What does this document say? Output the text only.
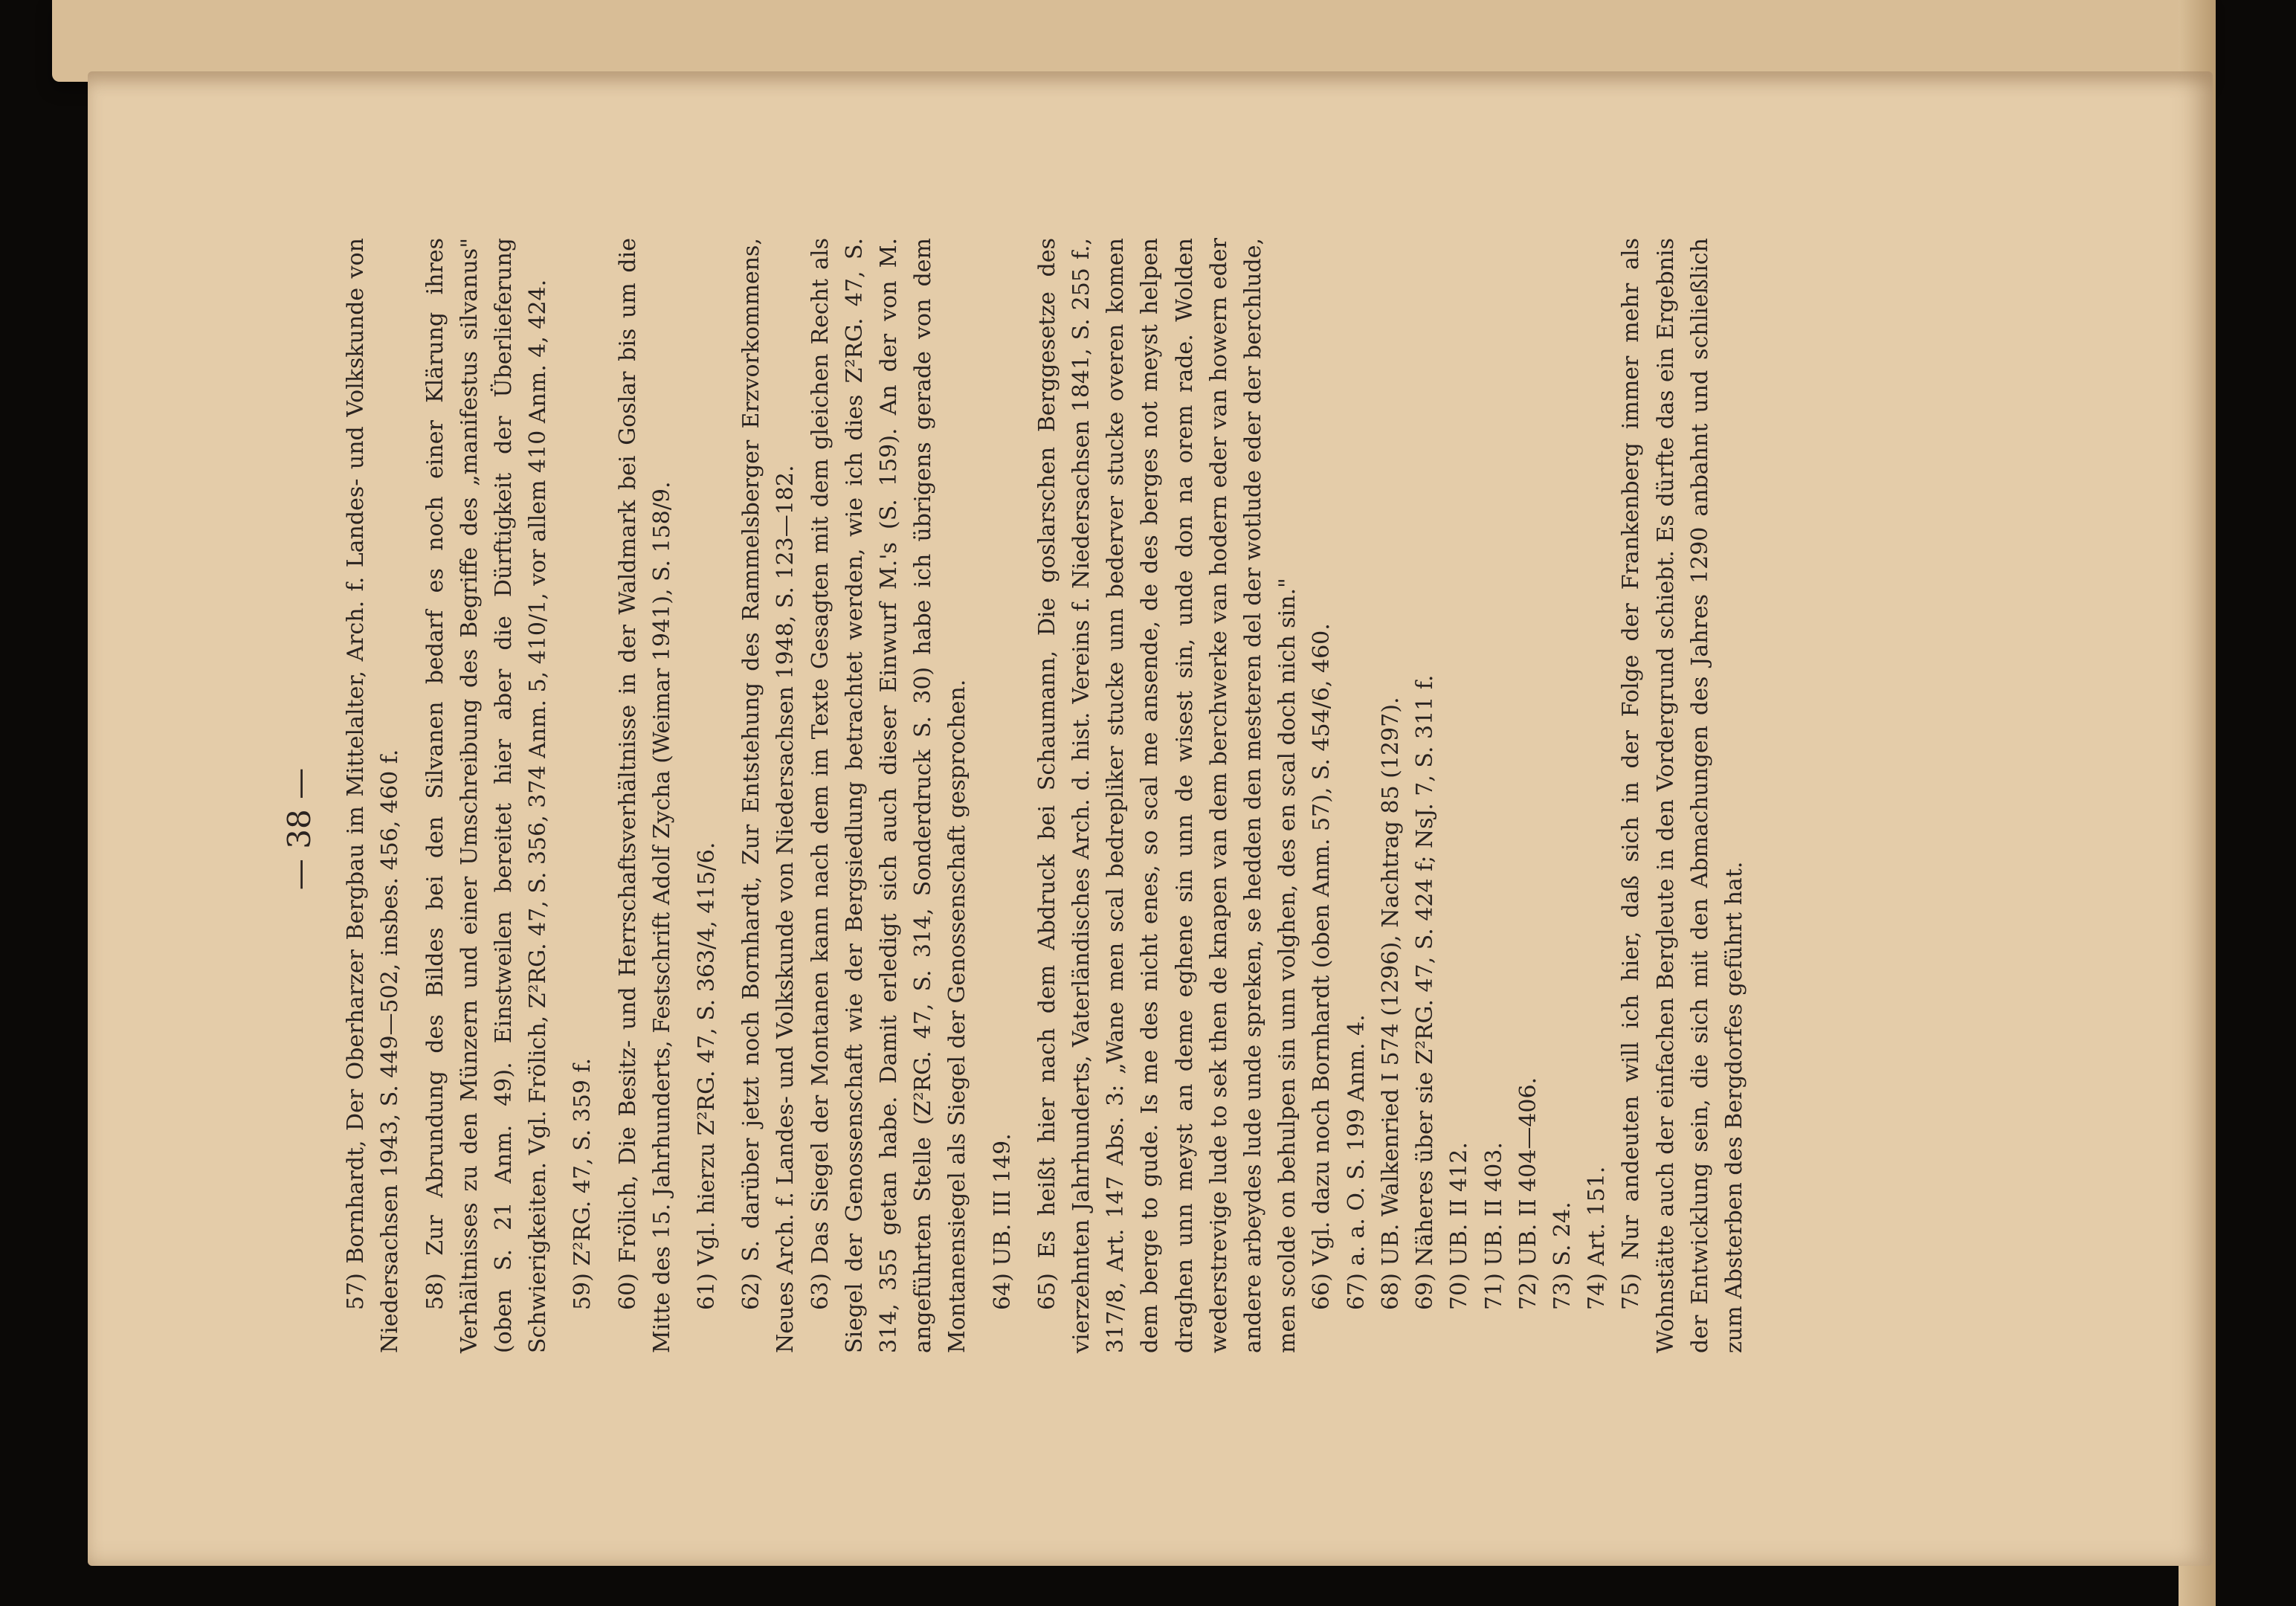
— 38 — 57) Bornhardt, Der Oberharzer Bergbau im Mittelalter, Arch. f. Landes- und Volkskunde von Niedersachsen 1943, S. 449—502, insbes. 456, 460 f. 58) Zur Abrundung des Bildes bei den Silvanen bedarf es noch einer Klärung ihres Verhältnisses zu den Münzern und einer Umschreibung des Begriffe des „manifestus silvanus" (oben S. 21 Anm. 49). Einstweilen bereitet hier aber die Dürftigkeit der Überlieferung Schwierigkeiten. Vgl. Frölich, Z²RG. 47, S. 356, 374 Anm. 5, 410/1, vor allem 410 Anm. 4, 424. 59) Z²RG. 47, S. 359 f. 60) Frölich, Die Besitz- und Herrschaftsverhältnisse in der Waldmark bei Goslar bis um die Mitte des 15. Jahrhunderts, Festschrift Adolf Zycha (Weimar 1941), S. 158/9. 61) Vgl. hierzu Z²RG. 47, S. 363/4, 415/6. 62) S. darüber jetzt noch Bornhardt, Zur Entstehung des Rammelsberger Erzvorkommens, Neues Arch. f. Landes- und Volkskunde von Niedersachsen 1948, S. 123—182. 63) Das Siegel der Montanen kann nach dem im Texte Gesagten mit dem gleichen Recht als Siegel der Genossenschaft wie der Bergsiedlung betrachtet werden, wie ich dies Z²RG. 47, S. 314, 355 getan habe. Damit erledigt sich auch dieser Einwurf M.'s (S. 159). An der von M. angeführten Stelle (Z²RG. 47, S. 314, Sonderdruck S. 30) habe ich übrigens gerade von dem Montanensiegel als Siegel der Genossenschaft gesprochen. 64) UB. III 149. 65) Es heißt hier nach dem Abdruck bei Schaumann, Die goslarschen Berggesetze des vierzehnten Jahrhunderts, Vaterländisches Arch. d. hist. Vereins f. Niedersachsen 1841, S. 255 f., 317/8, Art. 147 Abs. 3: „Wane men scal bedrepliker stucke unn bederver stucke overen komen dem berge to gude. Is me des nicht enes, so scal me ansende, de des berges not meyst helpen draghen unn meyst an deme eghene sin unn de wisest sin, unde don na orem rade. Wolden wederstrevige lude to sek then de knapen van dem berchwerke van hodern eder van howern eder andere arbeydes lude unde spreken, se hedden den mesteren del der wotlude eder der berchlude, men scolde on behulpen sin unn volghen, des en scal doch nich sin." 66) Vgl. dazu noch Bornhardt (oben Anm. 57), S. 454/6, 460. 67) a. a. O. S. 199 Anm. 4. 68) UB. Walkenried I 574 (1296), Nachtrag 85 (1297). 69) Näheres über sie Z²RG. 47, S. 424 f; NsJ. 7, S. 311 f. 70) UB. II 412. 71) UB. II 403. 72) UB. II 404—406. 73) S. 24. 74) Art. 151. 75) Nur andeuten will ich hier, daß sich in der Folge der Frankenberg immer mehr als Wohnstätte auch der einfachen Bergleute in den Vordergrund schiebt. Es dürfte das ein Ergebnis der Entwicklung sein, die sich mit den Abmachungen des Jahres 1290 anbahnt und schließlich zum Absterben des Bergdorfes geführt hat.
